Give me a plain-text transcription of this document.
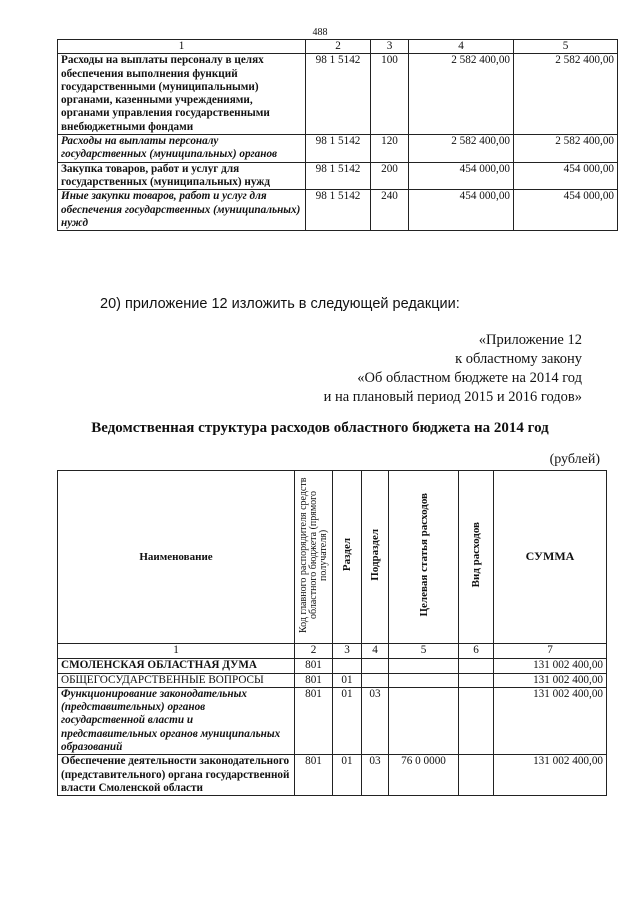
488
1	2	3	4	5
Расходы на выплаты персоналу в целях обеспечения выполнения функций государственными (муниципальными) органами, казенными учреждениями, органами управления государственными внебюджетными фондами	98 1 5142	100	2 582 400,00	2 582 400,00
Расходы на выплаты персоналу государственных (муниципальных) органов	98 1 5142	120	2 582 400,00	2 582 400,00
Закупка товаров, работ и услуг для государственных (муниципальных) нужд	98 1 5142	200	454 000,00	454 000,00
Иные закупки товаров, работ и услуг для обеспечения государственных (муниципальных) нужд	98 1 5142	240	454 000,00	454 000,00
20) приложение 12 изложить в следующей редакции:
«Приложение 12
к областному закону
«Об областном бюджете на 2014 год
и на плановый период 2015 и 2016 годов»
Ведомственная структура расходов областного бюджета на 2014 год
(рублей)
Наименование	Код главного распорядителя средств областного бюджета (прямого получателя)	Раздел	Подраздел	Целевая статья расходов	Вид расходов	СУММА
1	2	3	4	5	6	7
СМОЛЕНСКАЯ ОБЛАСТНАЯ ДУМА	801					131 002 400,00
ОБЩЕГОСУДАРСТВЕННЫЕ ВОПРОСЫ	801	01				131 002 400,00
Функционирование законодательных (представительных) органов государственной власти и представительных органов муниципальных образований	801	01	03			131 002 400,00
Обеспечение деятельности законодательного (представительного) органа государственной власти Смоленской области	801	01	03	76 0 0000		131 002 400,00
